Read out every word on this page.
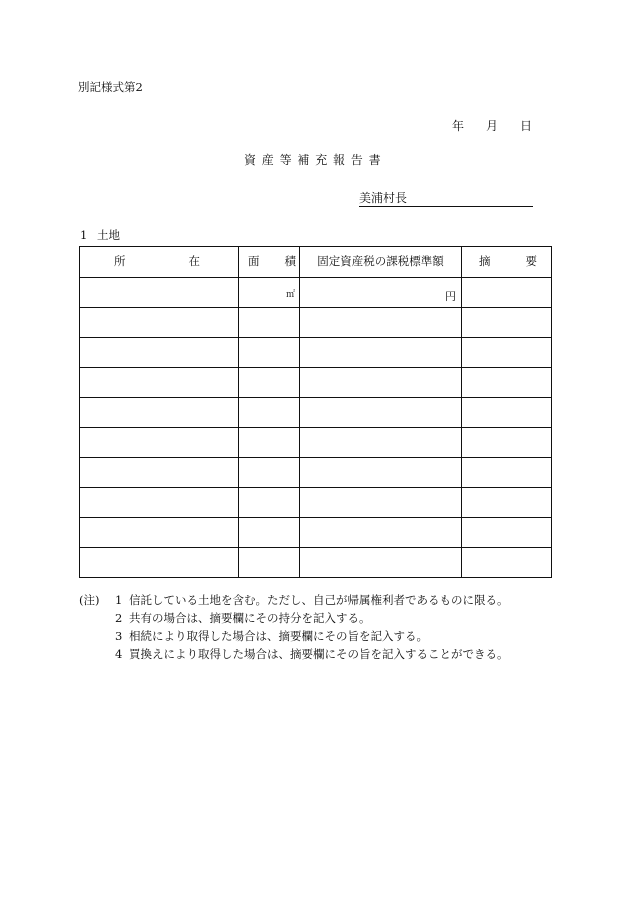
別記様式第2
年 月 日
資産等補充報告書
美浦村長
1 土地
所 在	面 積	固定資産税の課税標準額	摘 要

	㎡	円	

(注) 1 信託している土地を含む。ただし、自己が帰属権利者であるものに限る。
2 共有の場合は、摘要欄にその持分を記入する。
3 相続により取得した場合は、摘要欄にその旨を記入する。
4 買換えにより取得した場合は、摘要欄にその旨を記入することができる。
